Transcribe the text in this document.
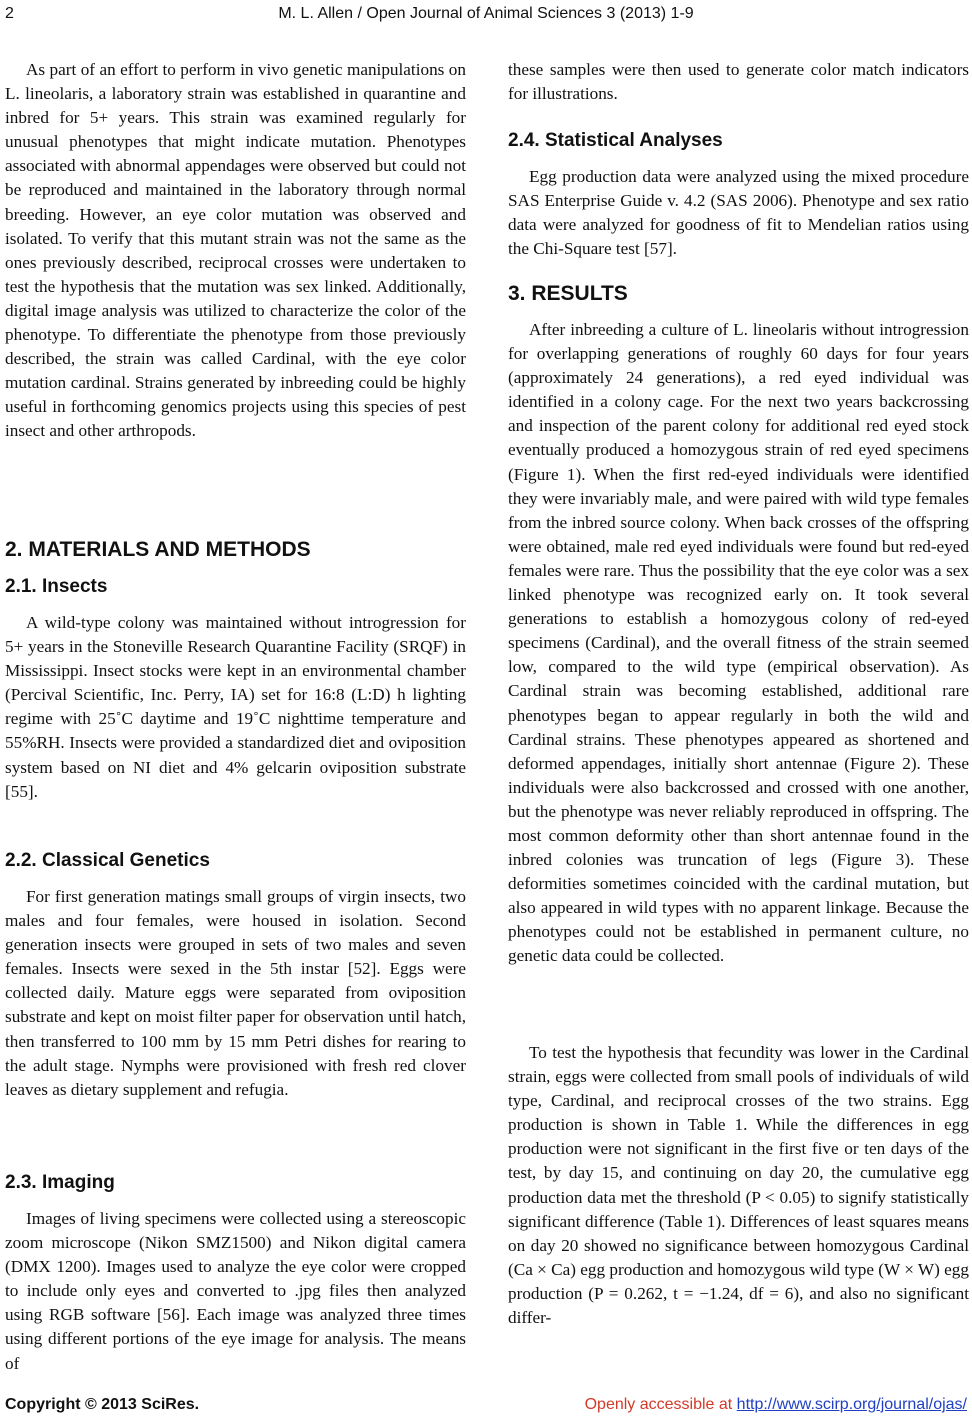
2	M. L. Allen / Open Journal of Animal Sciences 3 (2013) 1-9

As part of an effort to perform in vivo genetic manipulations on L. lineolaris, a laboratory strain was established in quarantine and inbred for 5+ years. This strain was examined regularly for unusual phenotypes that might indicate mutation. Phenotypes associated with abnormal appendages were observed but could not be reproduced and maintained in the laboratory through normal breeding. However, an eye color mutation was observed and isolated. To verify that this mutant strain was not the same as the ones previously described, reciprocal crosses were undertaken to test the hypothesis that the mutation was sex linked. Additionally, digital image analysis was utilized to characterize the color of the phenotype. To differentiate the phenotype from those previously described, the strain was called Cardinal, with the eye color mutation cardinal. Strains generated by inbreeding could be highly useful in forthcoming genomics projects using this species of pest insect and other arthropods.

2. MATERIALS AND METHODS
2.1. Insects

A wild-type colony was maintained without introgression for 5+ years in the Stoneville Research Quarantine Facility (SRQF) in Mississippi. Insect stocks were kept in an environmental chamber (Percival Scientific, Inc. Perry, IA) set for 16:8 (L:D) h lighting regime with 25˚C daytime and 19˚C nighttime temperature and 55%RH. Insects were provided a standardized diet and oviposition system based on NI diet and 4% gelcarin oviposition substrate [55].

2.2. Classical Genetics

For first generation matings small groups of virgin insects, two males and four females, were housed in isolation. Second generation insects were grouped in sets of two males and seven females. Insects were sexed in the 5th instar [52]. Eggs were collected daily. Mature eggs were separated from oviposition substrate and kept on moist filter paper for observation until hatch, then transferred to 100 mm by 15 mm Petri dishes for rearing to the adult stage. Nymphs were provisioned with fresh red clover leaves as dietary supplement and refugia.

2.3. Imaging

Images of living specimens were collected using a stereoscopic zoom microscope (Nikon SMZ1500) and Nikon digital camera (DMX 1200). Images used to analyze the eye color were cropped to include only eyes and converted to .jpg files then analyzed using RGB software [56]. Each image was analyzed three times using different portions of the eye image for analysis. The means of

these samples were then used to generate color match indicators for illustrations.

2.4. Statistical Analyses

Egg production data were analyzed using the mixed procedure SAS Enterprise Guide v. 4.2 (SAS 2006). Phenotype and sex ratio data were analyzed for goodness of fit to Mendelian ratios using the Chi-Square test [57].

3. RESULTS

After inbreeding a culture of L. lineolaris without introgression for overlapping generations of roughly 60 days for four years (approximately 24 generations), a red eyed individual was identified in a colony cage. For the next two years backcrossing and inspection of the parent colony for additional red eyed stock eventually produced a homozygous strain of red eyed specimens (Figure 1). When the first red-eyed individuals were identified they were invariably male, and were paired with wild type females from the inbred source colony. When back crosses of the offspring were obtained, male red eyed individuals were found but red-eyed females were rare. Thus the possibility that the eye color was a sex linked phenotype was recognized early on. It took several generations to establish a homozygous colony of red-eyed specimens (Cardinal), and the overall fitness of the strain seemed low, compared to the wild type (empirical observation). As Cardinal strain was becoming established, additional rare phenotypes began to appear regularly in both the wild and Cardinal strains. These phenotypes appeared as shortened and deformed appendages, initially short antennae (Figure 2). These individuals were also backcrossed and crossed with one another, but the phenotype was never reliably reproduced in offspring. The most common deformity other than short antennae found in the inbred colonies was truncation of legs (Figure 3). These deformities sometimes coincided with the cardinal mutation, but also appeared in wild types with no apparent linkage. Because the phenotypes could not be established in permanent culture, no genetic data could be collected.

To test the hypothesis that fecundity was lower in the Cardinal strain, eggs were collected from small pools of individuals of wild type, Cardinal, and reciprocal crosses of the two strains. Egg production is shown in Table 1. While the differences in egg production were not significant in the first five or ten days of the test, by day 15, and continuing on day 20, the cumulative egg production data met the threshold (P < 0.05) to signify statistically significant difference (Table 1). Differences of least squares means on day 20 showed no significance between homozygous Cardinal (Ca × Ca) egg production and homozygous wild type (W × W) egg production (P = 0.262, t = −1.24, df = 6), and also no significant differ-

Copyright © 2013 SciRes.	Openly accessible at http://www.scirp.org/journal/ojas/
